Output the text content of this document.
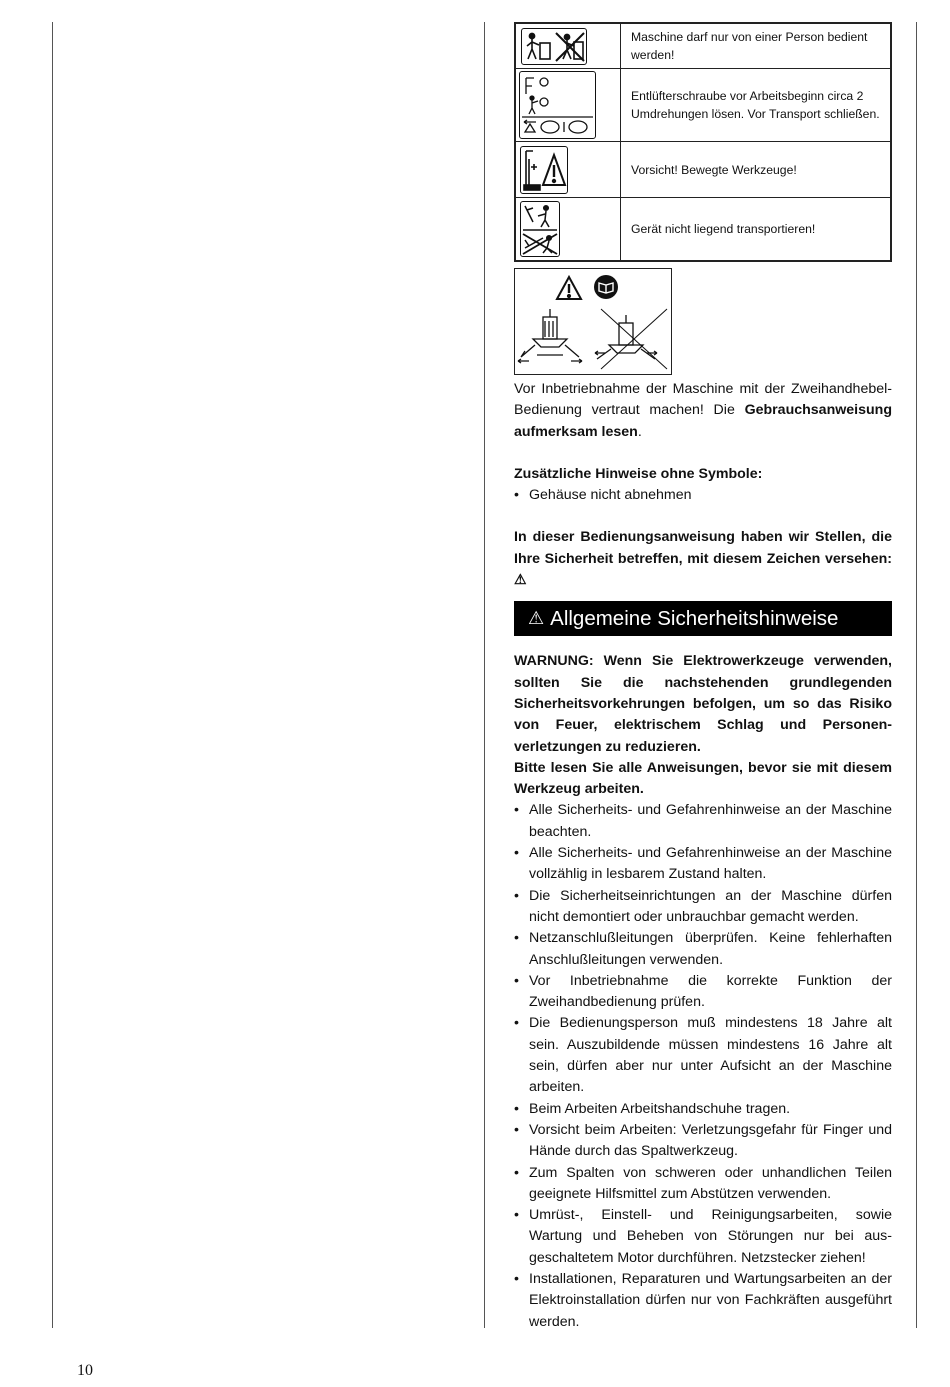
	Maschine darf nur von einer Person bedient werden!

	Entlüfterschraube vor Arbeitsbeginn circa 2 Umdrehungen lösen. Vor Transport schließen.

	Vorsicht! Bewegte Werkzeuge!

	Gerät nicht liegend transportieren!

Vor Inbetriebnahme der Maschine mit der Zweihandhebel-Bedienung vertraut machen! Die Gebrauchsanweisung aufmerksam lesen.

Zusätzliche Hinweise ohne Symbole:

• Gehäuse nicht abnehmen

In dieser Bedienungsanweisung haben wir Stellen, die Ihre Sicherheit betreffen, mit diesem Zeichen versehen: ⚠

⚠ Allgemeine Sicherheitshinweise

WARNUNG: Wenn Sie Elektrowerkzeuge verwenden, sollten Sie die nachstehenden grundlegenden Sicherheitsvorkehrungen befolgen, um so das Risiko von Feuer, elektrischem Schlag und Personenverletzungen zu reduzieren.

Bitte lesen Sie alle Anweisungen, bevor sie mit diesem Werkzeug arbeiten.

• Alle Sicherheits- und Gefahrenhinweise an der Maschine beachten.
• Alle Sicherheits- und Gefahrenhinweise an der Maschine vollzählig in lesbarem Zustand halten.
• Die Sicherheitseinrichtungen an der Maschine dürfen nicht demontiert oder unbrauchbar gemacht werden.
• Netzanschlußleitungen überprüfen. Keine fehlerhaften Anschlußleitungen verwenden.
• Vor Inbetriebnahme die korrekte Funktion der Zweihandbedienung prüfen.
• Die Bedienungsperson muß mindestens 18 Jahre alt sein. Auszubildende müssen mindestens 16 Jahre alt sein, dürfen aber nur unter Aufsicht an der Maschine arbeiten.
• Beim Arbeiten Arbeitshandschuhe tragen.
• Vorsicht beim Arbeiten: Verletzungsgefahr für Finger und Hände durch das Spaltwerkzeug.
• Zum Spalten von schweren oder unhandlichen Teilen geeignete Hilfsmittel zum Abstützen verwenden.
• Umrüst-, Einstell- und Reinigungsarbeiten, sowie Wartung und Beheben von Störungen nur bei ausgeschaltetem Motor durchführen. Netzstecker ziehen!
• Installationen, Reparaturen und Wartungsarbeiten an der Elektroinstallation dürfen nur von Fachkräften ausgeführt werden.
10
